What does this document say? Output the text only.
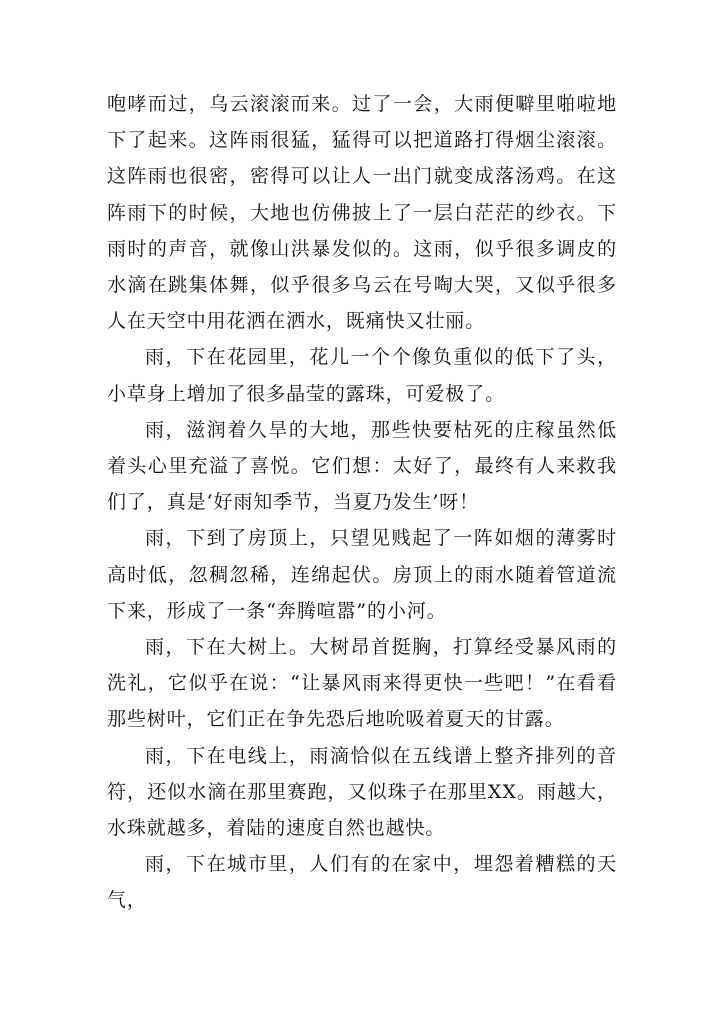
咆哮而过，乌云滚滚而来。过了一会，大雨便噼里啪啦地下了起来。这阵雨很猛，猛得可以把道路打得烟尘滚滚。这阵雨也很密，密得可以让人一出门就变成落汤鸡。在这阵雨下的时候，大地也仿佛披上了一层白茫茫的纱衣。下雨时的声音，就像山洪暴发似的。这雨，似乎很多调皮的水滴在跳集体舞，似乎很多乌云在号啕大哭，又似乎很多人在天空中用花洒在洒水，既痛快又壮丽。

雨，下在花园里，花儿一个个像负重似的低下了头，小草身上增加了很多晶莹的露珠，可爱极了。

雨，滋润着久旱的大地，那些快要枯死的庄稼虽然低着头心里充溢了喜悦。它们想：太好了，最终有人来救我们了，真是‘好雨知季节，当夏乃发生’呀！

雨，下到了房顶上，只望见贱起了一阵如烟的薄雾时高时低，忽稠忽稀，连绵起伏。房顶上的雨水随着管道流下来，形成了一条“奔腾喧嚣”的小河。

雨，下在大树上。大树昂首挺胸，打算经受暴风雨的洗礼，它似乎在说：“让暴风雨来得更快一些吧！”在看看那些树叶，它们正在争先恐后地吮吸着夏天的甘露。

雨，下在电线上，雨滴恰似在五线谱上整齐排列的音符，还似水滴在那里赛跑，又似珠子在那里XX。雨越大，水珠就越多，着陆的速度自然也越快。

雨，下在城市里，人们有的在家中，埋怨着糟糕的天气，
